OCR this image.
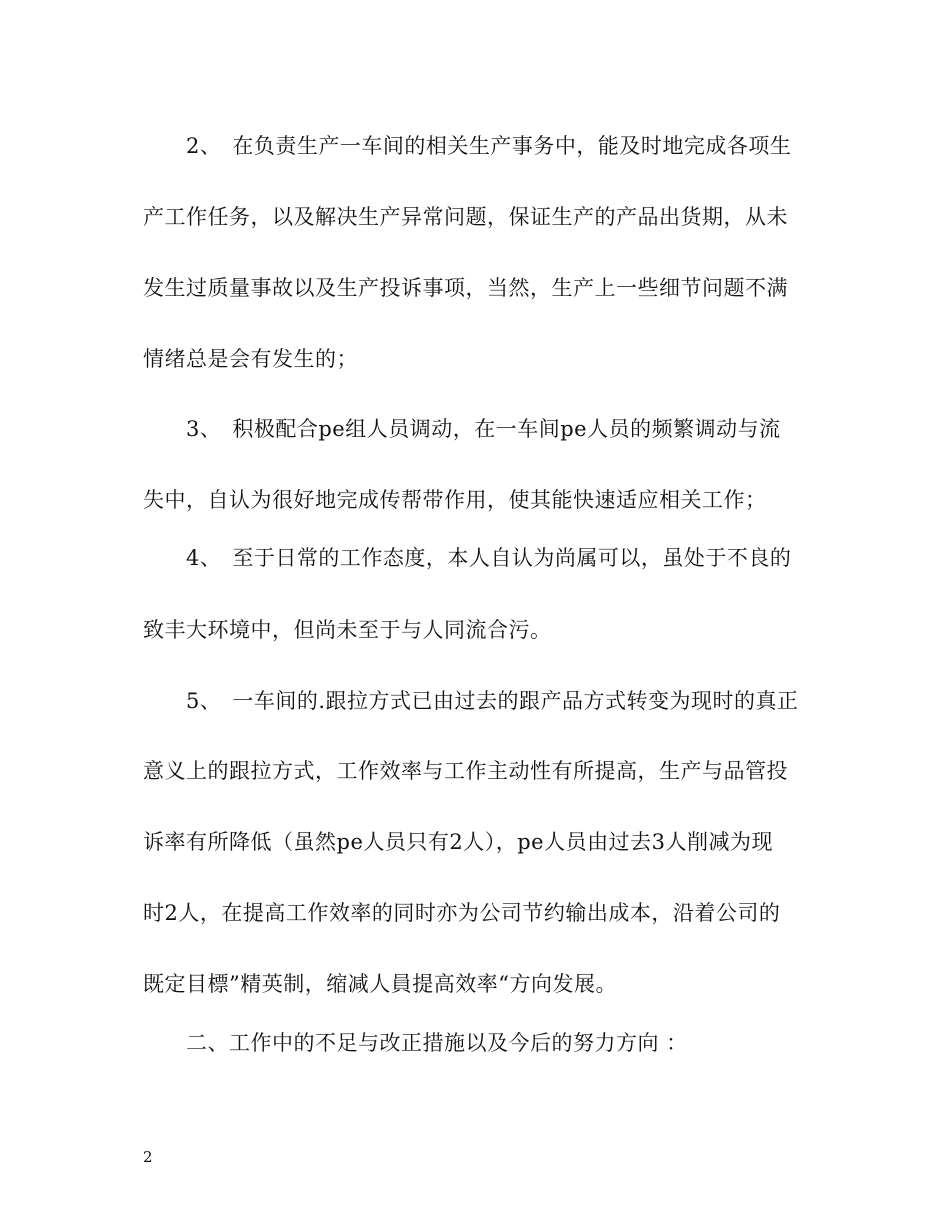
2、　在负责生产一车间的相关生产事务中，能及时地完成各项生
产工作任务，以及解决生产异常问题，保证生产的产品出货期，从未
发生过质量事故以及生产投诉事项，当然，生产上一些细节问题不满
情绪总是会有发生的；
3、　积极配合pe组人员调动，在一车间pe人员的频繁调动与流
失中，自认为很好地完成传帮带作用，使其能快速适应相关工作；
4、　至于日常的工作态度，本人自认为尚属可以，虽处于不良的
致丰大环境中，但尚未至于与人同流合污。
5、　一车间的.跟拉方式已由过去的跟产品方式转变为现时的真正
意义上的跟拉方式，工作效率与工作主动性有所提高，生产与品管投
诉率有所降低（虽然pe人员只有2人），pe人员由过去3人削减为现
时2人，在提高工作效率的同时亦为公司节约输出成本，沿着公司的
既定目標”精英制，缩减人員提高效率“方向发展。
二、工作中的不足与改正措施以及今后的努力方向 ：
2
